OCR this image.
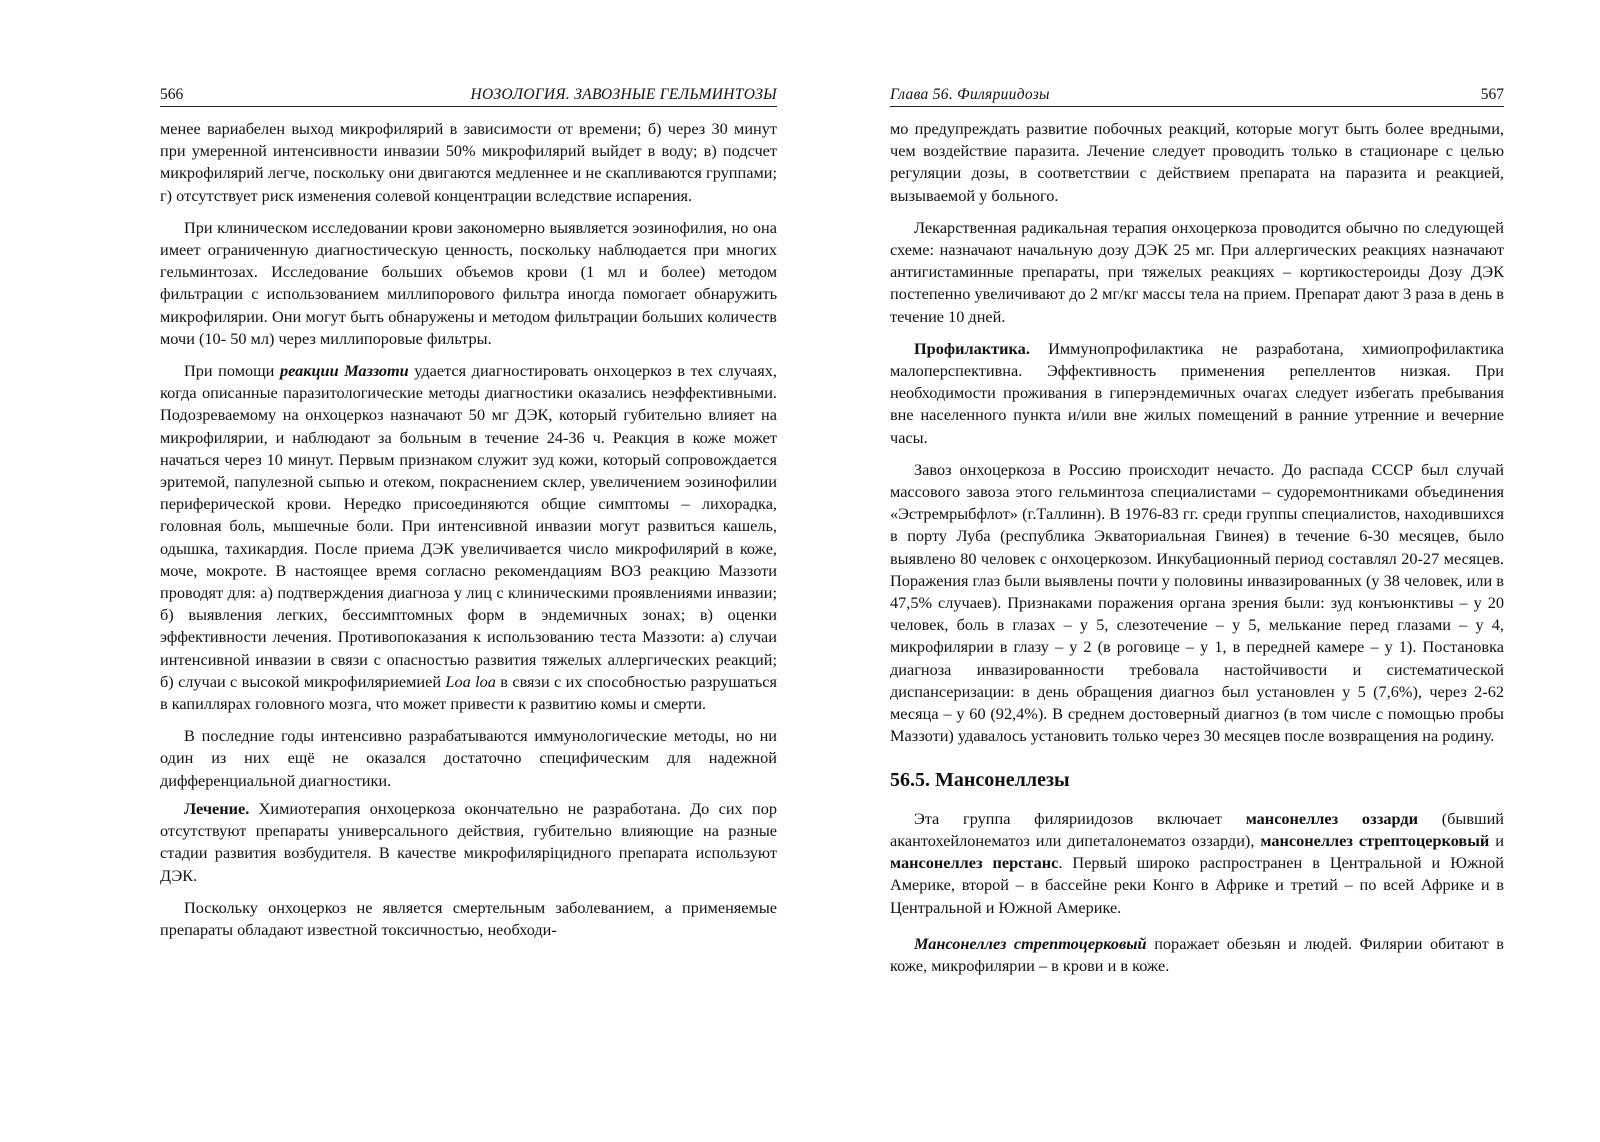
566	НОЗОЛОГИЯ. ЗАВОЗНЫЕ ГЕЛЬМИНТОЗЫ

менее вариабелен выход микрофилярий в зависимости от времени; б) через 30 минут при умеренной интенсивности инвазии 50% микрофилярий выйдет в воду; в) подсчет микрофилярий легче, поскольку они двигаются медленнее и не скапливаются группами; г) отсутствует риск изменения солевой концентрации вследствие испарения.

При клиническом исследовании крови закономерно выявляется эозинофилия, но она имеет ограниченную диагностическую ценность, поскольку наблюдается при многих гельминтозах. Исследование больших объемов крови (1 мл и более) методом фильтрации с использованием миллипорового фильтра иногда помогает обнаружить микрофилярии. Они могут быть обнаружены и методом фильтрации больших количеств мочи (10- 50 мл) через миллипоровые фильтры.

При помощи реакции Маззоти удается диагностировать онхоцеркоз в тех случаях, когда описанные паразитологические методы диагностики оказались неэффективными. Подозреваемому на онхоцеркоз назначают 50 мг ДЭК, который губительно влияет на микрофилярии, и наблюдают за больным в течение 24-36 ч. Реакция в коже может начаться через 10 минут. Первым признаком служит зуд кожи, который сопровождается эритемой, папулезной сыпью и отеком, покраснением склер, увеличением эозинофилии периферической крови. Нередко присоединяются общие симптомы – лихорадка, головная боль, мышечные боли. При интенсивной инвазии могут развиться кашель, одышка, тахикардия. После приема ДЭК увеличивается число микрофилярий в коже, моче, мокроте. В настоящее время согласно рекомендациям ВОЗ реакцию Маззоти проводят для: а) подтверждения диагноза у лиц с клиническими проявлениями инвазии; б) выявления легких, бессимптомных форм в эндемичных зонах; в) оценки эффективности лечения. Противопоказания к использованию теста Маззоти: а) случаи интенсивной инвазии в связи с опасностью развития тяжелых аллергических реакций; б) случаи с высокой микрофиляриемией Loa loa в связи с их способностью разрушаться в капиллярах головного мозга, что может привести к развитию комы и смерти.

В последние годы интенсивно разрабатываются иммунологические методы, но ни один из них ещё не оказался достаточно специфическим для надежной дифференциальной диагностики.

Лечение. Химиотерапия онхоцеркоза окончательно не разработана. До сих пор отсутствуют препараты универсального действия, губительно влияющие на разные стадии развития возбудителя. В качестве микрофиляріцидного препарата используют ДЭК.

Поскольку онхоцеркоз не является смертельным заболеванием, а применяемые препараты обладают известной токсичностью, необходи-

Глава 56. Филяриидозы	567

мо предупреждать развитие побочных реакций, которые могут быть более вредными, чем воздействие паразита. Лечение следует проводить только в стационаре с целью регуляции дозы, в соответствии с действием препарата на паразита и реакцией, вызываемой у больного.

Лекарственная радикальная терапия онхоцеркоза проводится обычно по следующей схеме: назначают начальную дозу ДЭК 25 мг. При аллергических реакциях назначают антигистаминные препараты, при тяжелых реакциях – кортикостероиды Дозу ДЭК постепенно увеличивают до 2 мг/кг массы тела на прием. Препарат дают 3 раза в день в течение 10 дней.

Профилактика. Иммунопрофилактика не разработана, химиопрофилактика малоперспективна. Эффективность применения репеллентов низкая. При необходимости проживания в гиперэндемичных очагах следует избегать пребывания вне населенного пункта и/или вне жилых помещений в ранние утренние и вечерние часы.

Завоз онхоцеркоза в Россию происходит нечасто. До распада СССР был случай массового завоза этого гельминтоза специалистами – судоремонтниками объединения «Эстремрыбфлот» (г.Таллинн). В 1976-83 гг. среди группы специалистов, находившихся в порту Луба (республика Экваториальная Гвинея) в течение 6-30 месяцев, было выявлено 80 человек с онхоцеркозом. Инкубационный период составлял 20-27 месяцев. Поражения глаз были выявлены почти у половины инвазированных (у 38 человек, или в 47,5% случаев). Признаками поражения органа зрения были: зуд конъюнктивы – у 20 человек, боль в глазах – у 5, слезотечение – у 5, мелькание перед глазами – у 4, микрофилярии в глазу – у 2 (в роговице – у 1, в передней камере – у 1). Постановка диагноза инвазированности требовала настойчивости и систематической диспансеризации: в день обращения диагноз был установлен у 5 (7,6%), через 2-62 месяца – у 60 (92,4%). В среднем достоверный диагноз (в том числе с помощью пробы Маззоти) удавалось установить только через 30 месяцев после возвращения на родину.

56.5. Мансонеллезы

Эта группа филяриидозов включает мансонеллез оззарди (бывший акантохейлонематоз или дипеталонематоз оззарди), мансонеллез стрептоцерковый и мансонеллез перстанс. Первый широко распространен в Центральной и Южной Америке, второй – в бассейне реки Конго в Африке и третий – по всей Африке и в Центральной и Южной Америке.

Мансонеллез стрептоцерковый поражает обезьян и людей. Филярии обитают в коже, микрофилярии – в крови и в коже.
